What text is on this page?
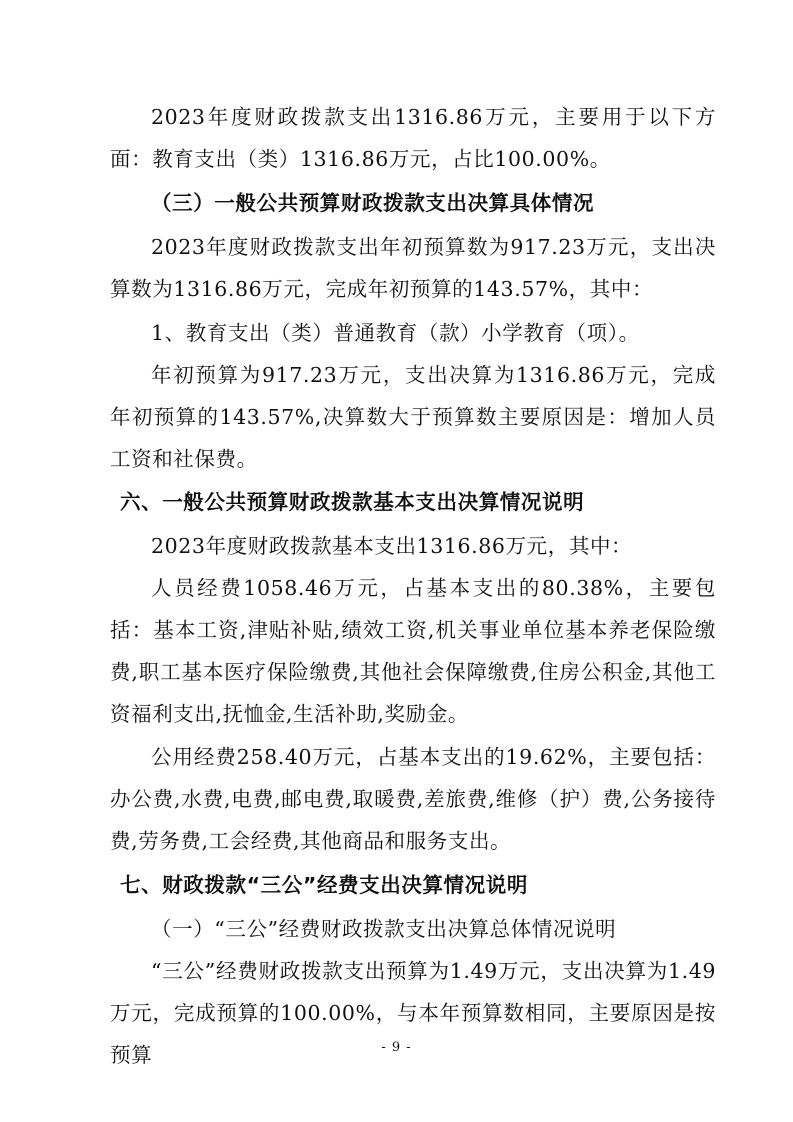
2023年度财政拨款支出1316.86万元，主要用于以下方面：教育支出（类）1316.86万元，占比100.00%。

（三）一般公共预算财政拨款支出决算具体情况

2023年度财政拨款支出年初预算数为917.23万元，支出决算数为1316.86万元，完成年初预算的143.57%，其中：

1、教育支出（类）普通教育（款）小学教育（项）。

年初预算为917.23万元，支出决算为1316.86万元，完成年初预算的143.57%,决算数大于预算数主要原因是：增加人员工资和社保费。

六、一般公共预算财政拨款基本支出决算情况说明

2023年度财政拨款基本支出1316.86万元，其中：

人员经费1058.46万元，占基本支出的80.38%，主要包括：基本工资,津贴补贴,绩效工资,机关事业单位基本养老保险缴费,职工基本医疗保险缴费,其他社会保障缴费,住房公积金,其他工资福利支出,抚恤金,生活补助,奖励金。

公用经费258.40万元，占基本支出的19.62%，主要包括：办公费,水费,电费,邮电费,取暖费,差旅费,维修（护）费,公务接待费,劳务费,工会经费,其他商品和服务支出。

七、财政拨款“三公”经费支出决算情况说明

（一）“三公”经费财政拨款支出决算总体情况说明

“三公”经费财政拨款支出预算为1.49万元，支出决算为1.49万元，完成预算的100.00%，与本年预算数相同，主要原因是按预算	- 9 -
